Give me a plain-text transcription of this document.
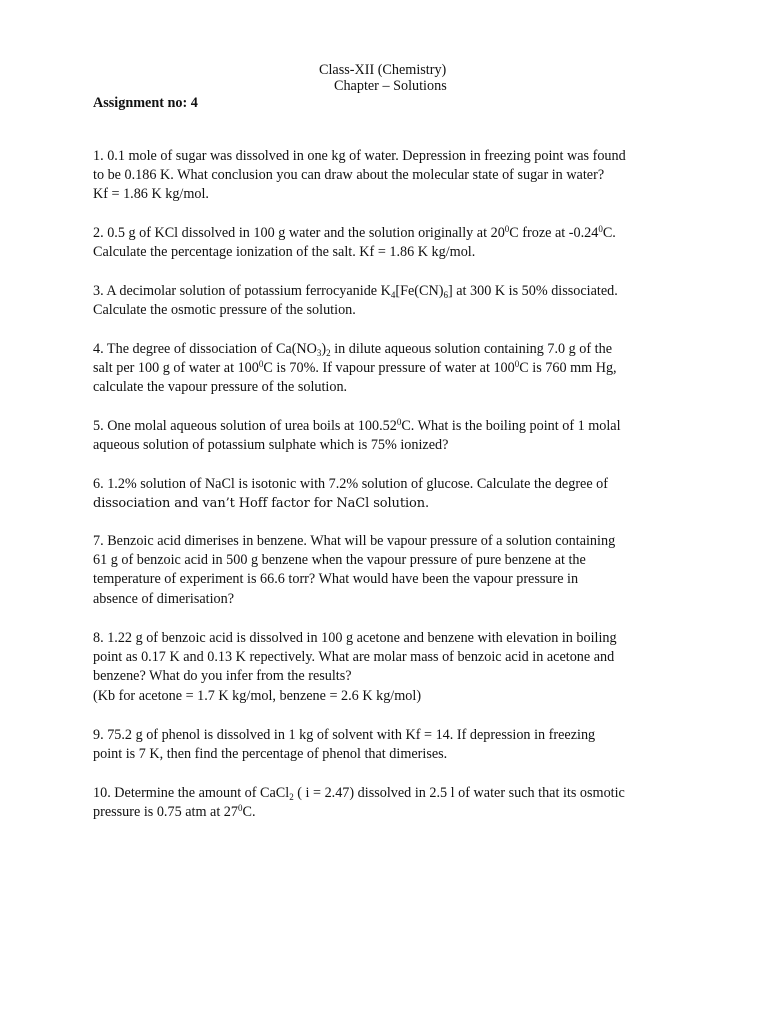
Class-XII (Chemistry)
Chapter – Solutions
Assignment no: 4
1. 0.1 mole of sugar was dissolved in one kg of water. Depression in freezing point was found
to be 0.186 K. What conclusion you can draw about the molecular state of sugar in water?
Kf = 1.86 K kg/mol.
2. 0.5 g of KCl dissolved in 100 g water and the solution originally at $20^0C$ froze at -0.24$^0$C.
Calculate the percentage ionization of the salt. Kf = 1.86 K kg/mol.
3. A decimolar solution of potassium ferrocyanide $K_4[Fe(CN)_6]$ at 300 K is 50% dissociated.
Calculate the osmotic pressure of the solution.
4. The degree of dissociation of $Ca(NO_3)_2$ in dilute aqueous solution containing 7.0 g of the
salt per 100 g of water at $100^0C$ is 70%. If vapour pressure of water at $100^0C$ is 760 mm Hg,
calculate the vapour pressure of the solution.
5. One molal aqueous solution of urea boils at 100.52$^0$C. What is the boiling point of 1 molal
aqueous solution of potassium sulphate which is 75% ionized?
6. 1.2% solution of NaCl is isotonic with 7.2% solution of glucose. Calculate the degree of
dissociation and van’t Hoff factor for NaCl solution.
7. Benzoic acid dimerises in benzene. What will be vapour pressure of a solution containing
61 g of benzoic acid in 500 g benzene when the vapour pressure of pure benzene at the
temperature of experiment is 66.6 torr? What would have been the vapour pressure in
absence of dimerisation?
8. 1.22 g of benzoic acid is dissolved in 100 g acetone and benzene with elevation in boiling
point as 0.17 K and 0.13 K repectively. What are molar mass of benzoic acid in acetone and
benzene? What do you infer from the results?
(Kb for acetone = 1.7 K kg/mol, benzene = 2.6 K kg/mol)
9. 75.2 g of phenol is dissolved in 1 kg of solvent with Kf = 14. If depression in freezing
point is 7 K, then find the percentage of phenol that dimerises.
10. Determine the amount of CaCl$_2$ ( i = 2.47) dissolved in 2.5 l of water such that its osmotic
pressure is 0.75 atm at $27^0C$.
